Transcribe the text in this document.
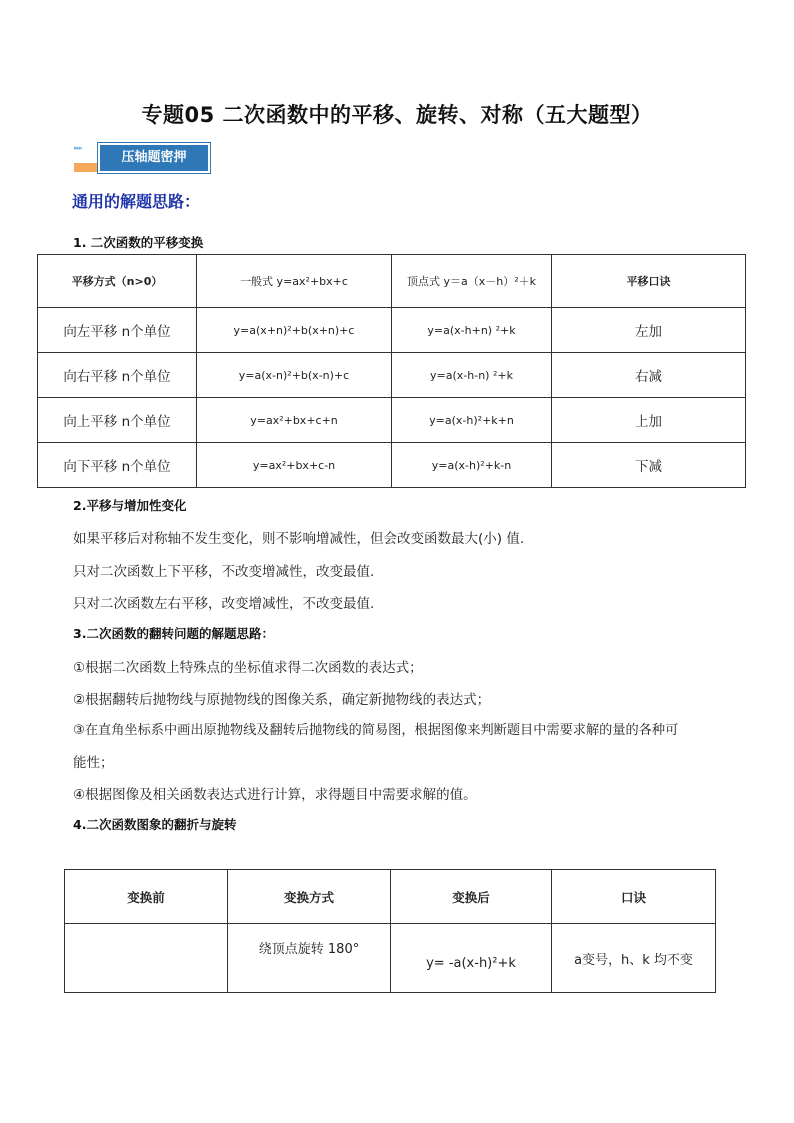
专题05 二次函数中的平移、旋转、对称（五大题型）
▸▸▸
压轴题密押
通用的解题思路：
1. 二次函数的平移变换
平移方式（n>0）	一般式 y=ax²+bx+c	顶点式 y＝a（x－h）²＋k	平移口诀
向左平移 n个单位	y=a(x+n)²+b(x+n)+c	y=a(x-h+n) ²+k	左加
向右平移 n个单位	y=a(x-n)²+b(x-n)+c	y=a(x-h-n) ²+k	右减
向上平移 n个单位	y=ax²+bx+c+n	y=a(x-h)²+k+n	上加
向下平移 n个单位	y=ax²+bx+c-n	y=a(x-h)²+k-n	下减
2.平移与增加性变化
如果平移后对称轴不发生变化，则不影响增减性，但会改变函数最大(小) 值.
只对二次函数上下平移，不改变增减性，改变最值.
只对二次函数左右平移，改变增减性，不改变最值.
3.二次函数的翻转问题的解题思路：
①根据二次函数上特殊点的坐标值求得二次函数的表达式；
②根据翻转后抛物线与原抛物线的图像关系，确定新抛物线的表达式；
③在直角坐标系中画出原抛物线及翻转后抛物线的简易图，根据图像来判断题目中需要求解的量的各种可
能性；
④根据图像及相关函数表达式进行计算，求得题目中需要求解的值。
4.二次函数图象的翻折与旋转
变换前	变换方式	变换后	口诀
	绕顶点旋转 180°	y= -a(x-h)²+k	a变号，h、k 均不变
